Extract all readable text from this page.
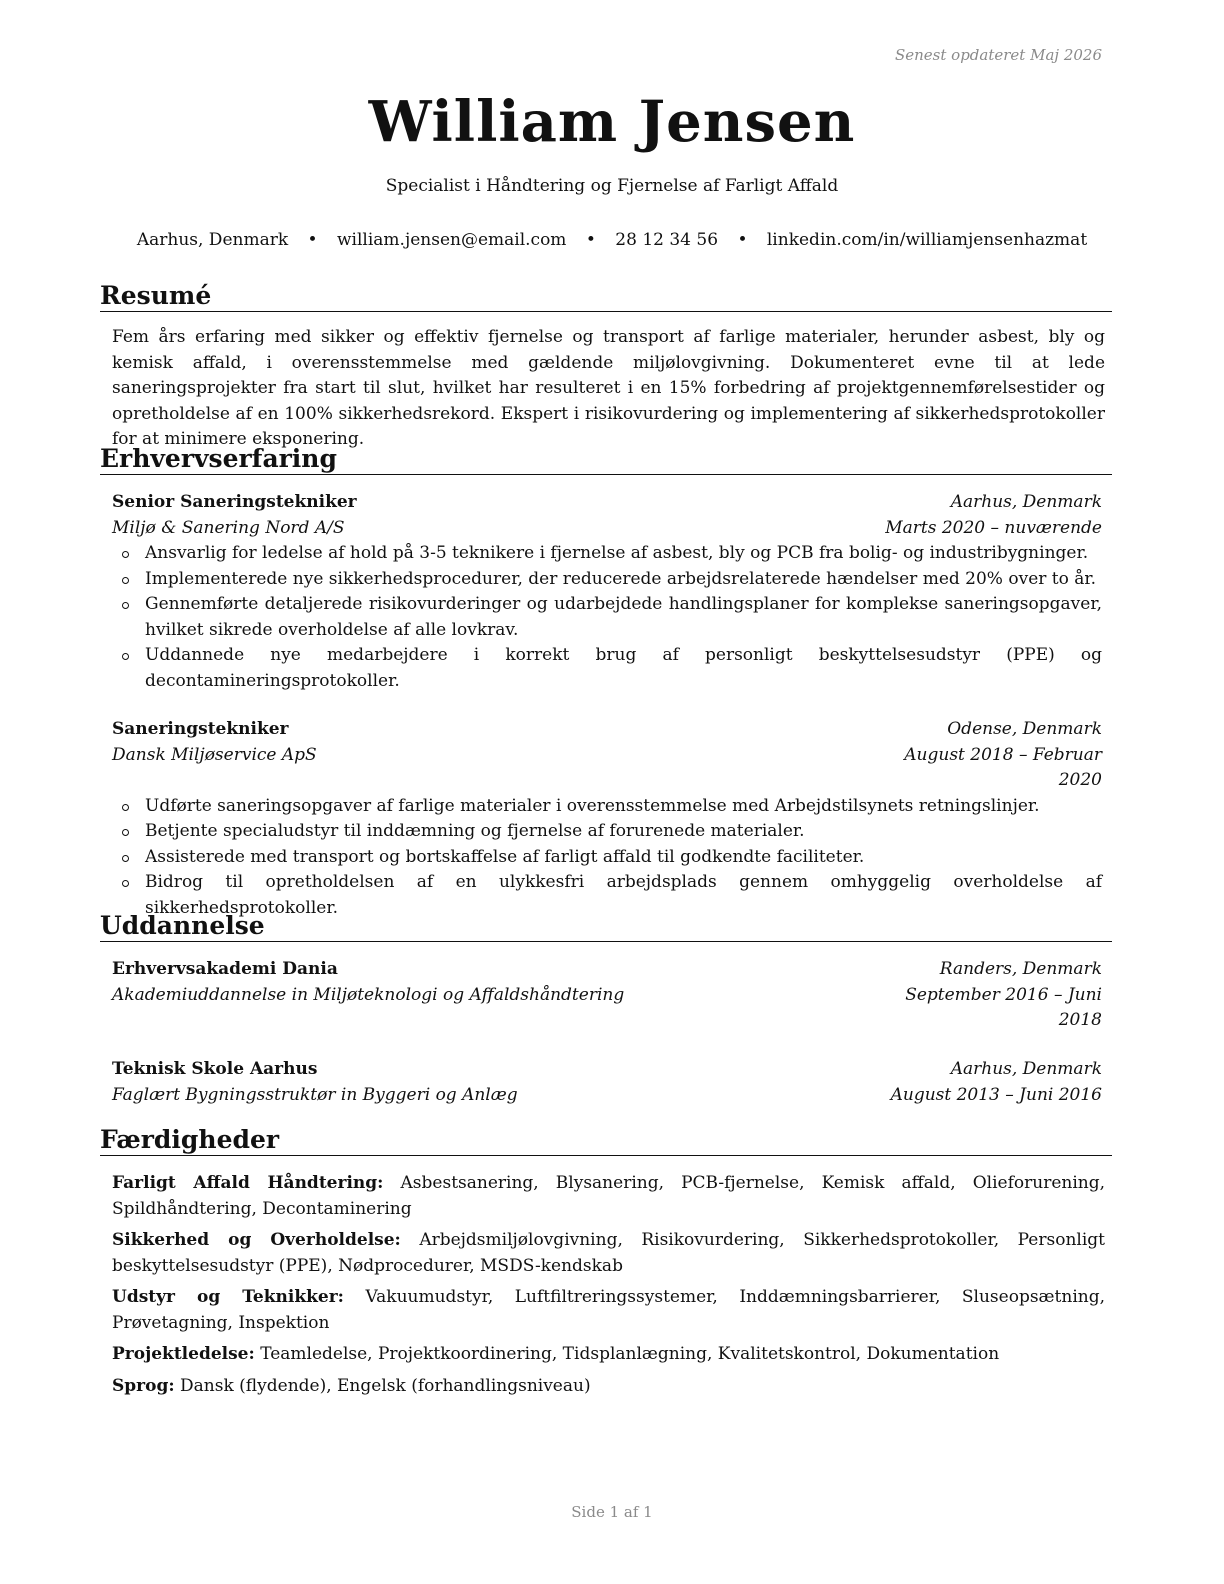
Senest opdateret Maj 2026
William Jensen
Specialist i Håndtering og Fjernelse af Farligt Affald
Aarhus, Denmark • william.jensen@email.com • 28 12 34 56 • linkedin.com/in/williamjensenhazmat
Resumé
Fem års erfaring med sikker og effektiv fjernelse og transport af farlige materialer, herunder asbest, bly og kemisk affald, i overensstemmelse med gældende miljølovgivning. Dokumenteret evne til at lede saneringsprojekter fra start til slut, hvilket har resulteret i en 15% forbedring af projektgennemførelsestider og opretholdelse af en 100% sikkerhedsrekord. Ekspert i risikovurdering og implementering af sikkerhedsprotokoller for at minimere eksponering.
Erhvervserfaring
Senior Saneringstekniker	Aarhus, Denmark
Miljø & Sanering Nord A/S	Marts 2020 – nuværende
Ansvarlig for ledelse af hold på 3-5 teknikere i fjernelse af asbest, bly og PCB fra bolig- og industribygninger.
Implementerede nye sikkerhedsprocedurer, der reducerede arbejdsrelaterede hændelser med 20% over to år.
Gennemførte detaljerede risikovurderinger og udarbejdede handlingsplaner for komplekse saneringsopgaver, hvilket sikrede overholdelse af alle lovkrav.
Uddannede nye medarbejdere i korrekt brug af personligt beskyttelsesudstyr (PPE) og decontamineringsprotokoller.
Saneringstekniker	Odense, Denmark
Dansk Miljøservice ApS	August 2018 – Februar
2020
Udførte saneringsopgaver af farlige materialer i overensstemmelse med Arbejdstilsynets retningslinjer.
Betjente specialudstyr til inddæmning og fjernelse af forurenede materialer.
Assisterede med transport og bortskaffelse af farligt affald til godkendte faciliteter.
Bidrog til opretholdelsen af en ulykkesfri arbejdsplads gennem omhyggelig overholdelse af sikkerhedsprotokoller.
Uddannelse
Erhvervsakademi Dania	Randers, Denmark
Akademiuddannelse in Miljøteknologi og Affaldshåndtering	September 2016 – Juni
2018
Teknisk Skole Aarhus	Aarhus, Denmark
Faglært Bygningsstruktør in Byggeri og Anlæg	August 2013 – Juni 2016
Færdigheder

Farligt Affald Håndtering: Asbestsanering, Blysanering, PCB-fjernelse, Kemisk affald, Olieforurening, Spildhåndtering, Decontaminering

Sikkerhed og Overholdelse: Arbejdsmiljølovgivning, Risikovurdering, Sikkerhedsprotokoller, Personligt beskyttelsesudstyr (PPE), Nødprocedurer, MSDS-kendskab

Udstyr og Teknikker: Vakuumudstyr, Luftfiltreringssystemer, Inddæmningsbarrierer, Sluseopsætning, Prøvetagning, Inspektion

Projektledelse: Teamledelse, Projektkoordinering, Tidsplanlægning, Kvalitetskontrol, Dokumentation

Sprog: Dansk (flydende), Engelsk (forhandlingsniveau)

Side 1 af 1
